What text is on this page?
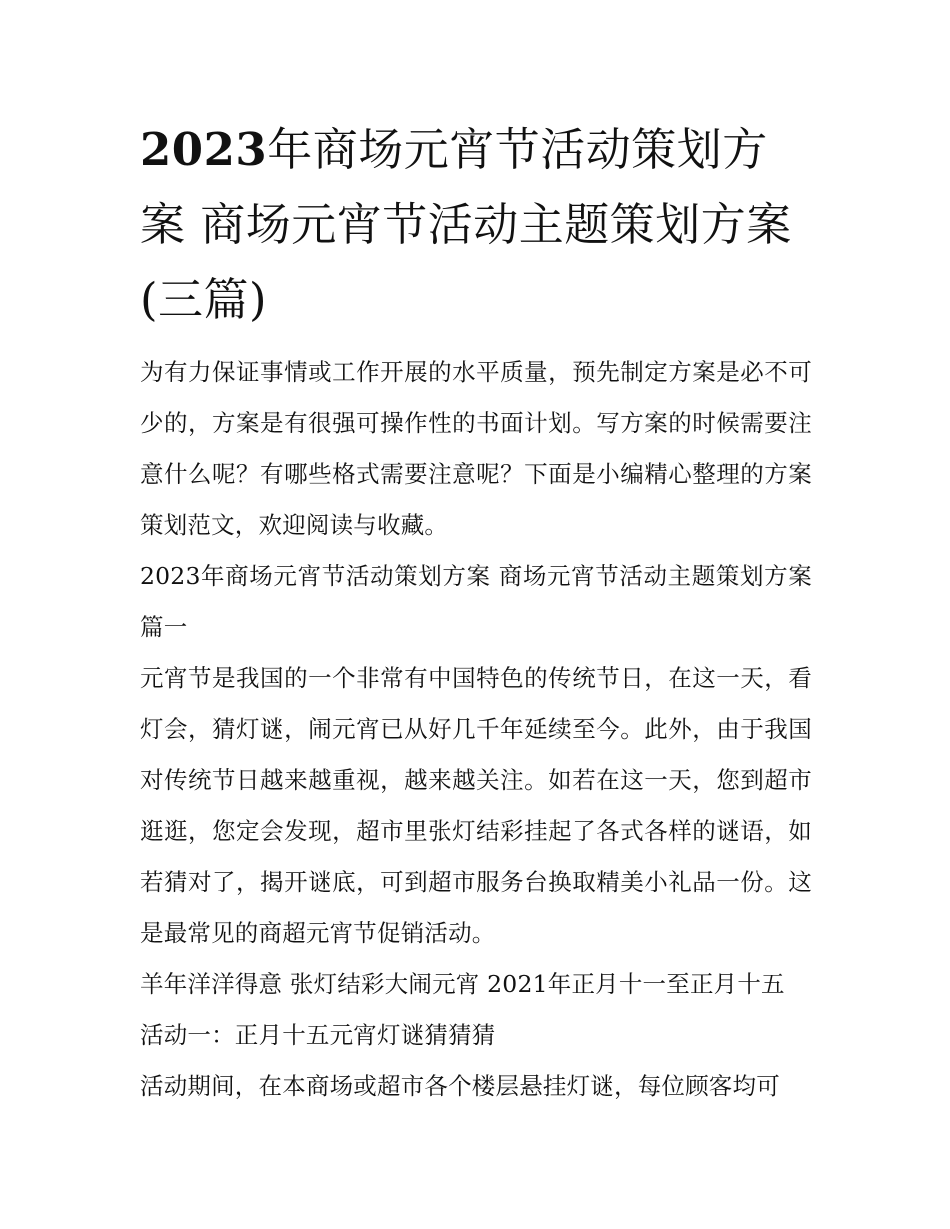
2023年商场元宵节活动策划方案 商场元宵节活动主题策划方案(三篇)

为有力保证事情或工作开展的水平质量，预先制定方案是必不可少的，方案是有很强可操作性的书面计划。写方案的时候需要注意什么呢？有哪些格式需要注意呢？下面是小编精心整理的方案策划范文，欢迎阅读与收藏。

2023年商场元宵节活动策划方案 商场元宵节活动主题策划方案篇一

元宵节是我国的一个非常有中国特色的传统节日，在这一天，看灯会，猜灯谜，闹元宵已从好几千年延续至今。此外，由于我国对传统节日越来越重视，越来越关注。如若在这一天，您到超市逛逛，您定会发现，超市里张灯结彩挂起了各式各样的谜语，如若猜对了，揭开谜底，可到超市服务台换取精美小礼品一份。这是最常见的商超元宵节促销活动。

羊年洋洋得意 张灯结彩大闹元宵 2021年正月十一至正月十五

活动一：正月十五元宵灯谜猜猜猜

活动期间，在本商场或超市各个楼层悬挂灯谜，每位顾客均可
